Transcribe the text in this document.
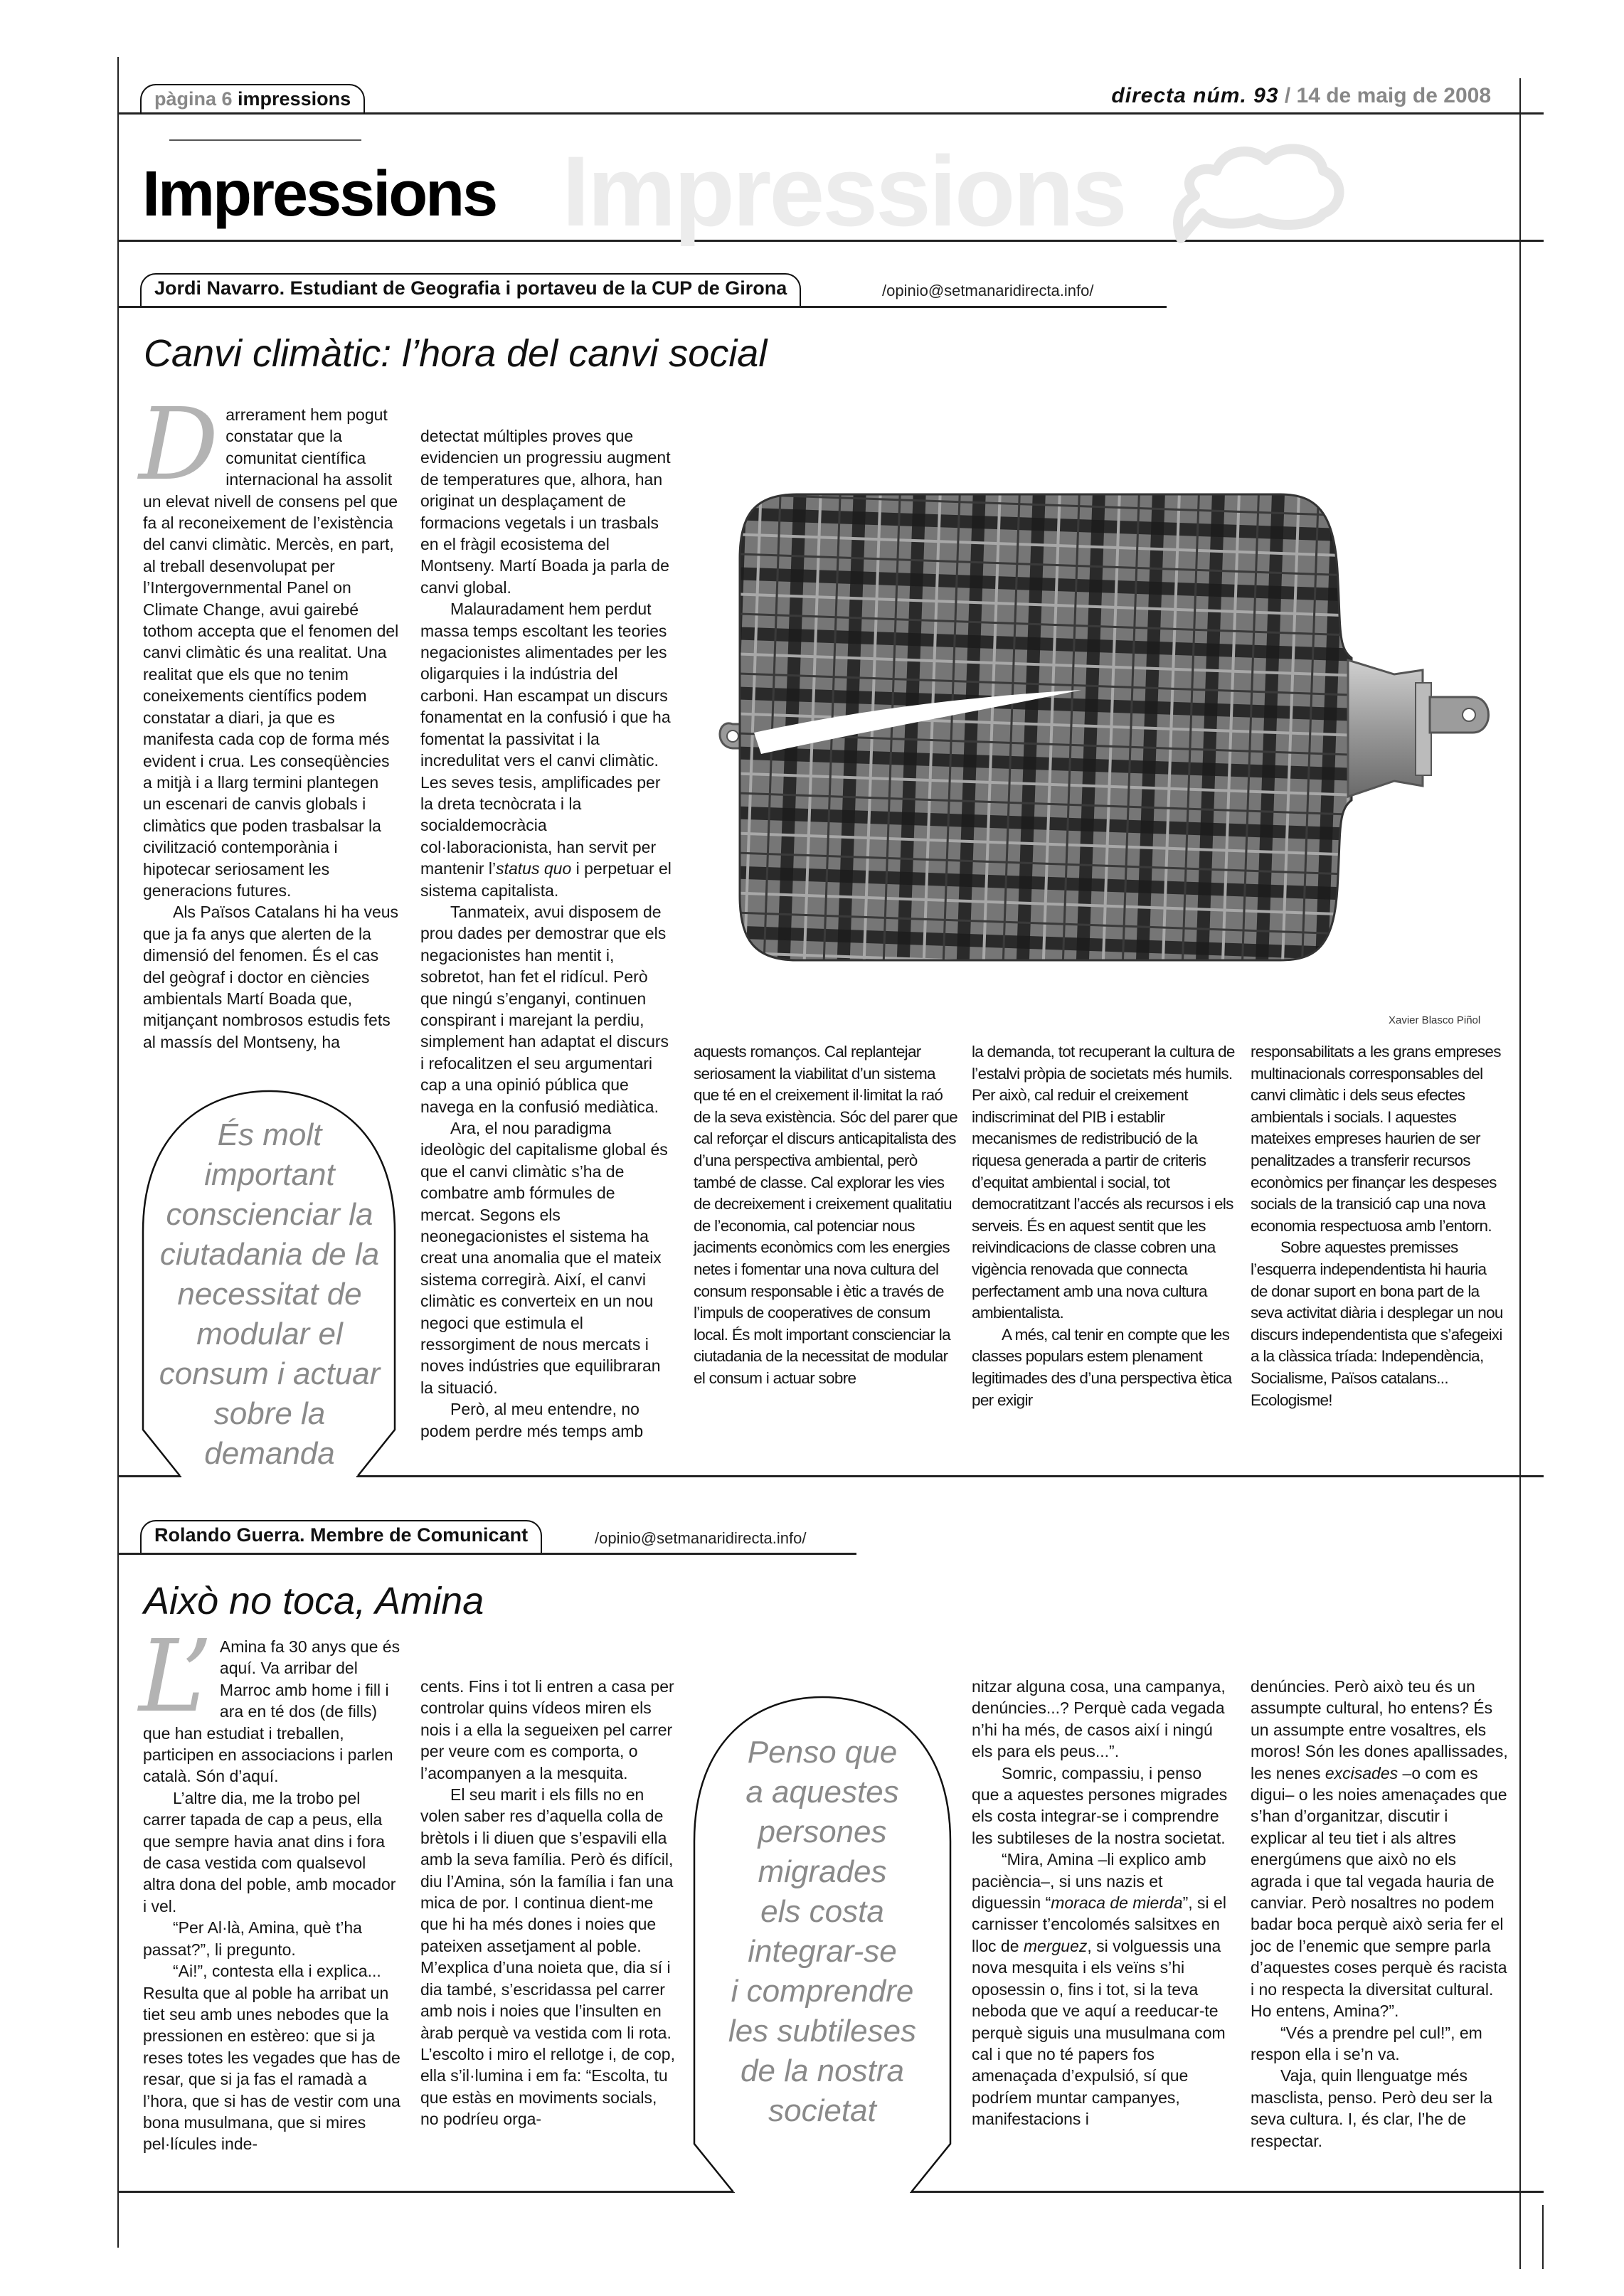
pàgina 6 impressions	directa núm. 93 / 14 de maig de 2008
Impressions
Impressions
Jordi Navarro. Estudiant de Geografia i portaveu de la CUP de Girona	/opinio@setmanaridirecta.info/
Canvi climàtic: l’hora del canvi social
D arrerament hem pogut constatar que la comunitat científica internacional ha assolit un elevat nivell de consens pel que fa al reconeixement de l’existència del canvi climàtic. Mercès, en part, al treball desenvolupat per l’Intergovernmental Panel on Climate Change, avui gairebé tothom accepta que el fenomen del canvi climàtic és una realitat. Una realitat que els que no tenim coneixements científics podem constatar a diari, ja que es manifesta cada cop de forma més evident i crua. Les conseqüències a mitjà i a llarg termini plantegen un escenari de canvis globals i climàtics que poden trasbalsar la civilització contemporània i hipotecar seriosament les generacions futures.

Als Països Catalans hi ha veus que ja fa anys que alerten de la dimensió del fenomen. És el cas del geògraf i doctor en ciències ambientals Martí Boada que, mitjançant nombrosos estudis fets al massís del Montseny, ha

detectat múltiples proves que evidencien un progressiu augment de temperatures que, alhora, han originat un desplaçament de formacions vegetals i un trasbals en el fràgil ecosistema del Montseny. Martí Boada ja parla de canvi global.

Malauradament hem perdut massa temps escoltant les teories negacionistes alimentades per les oligarquies i la indústria del carboni. Han escampat un discurs fonamentat en la confusió i que ha fomentat la passivitat i la incredulitat vers el canvi climàtic. Les seves tesis, amplificades per la dreta tecnòcrata i la socialdemocràcia col·laboracionista, han servit per mantenir l’status quo i perpetuar el sistema capitalista.

Tanmateix, avui disposem de prou dades per demostrar que els negacionistes han mentit i, sobretot, han fet el ridícul. Però que ningú s’enganyi, continuen conspirant i marejant la perdiu, simplement han adaptat el discurs i refocalitzen el seu argumentari cap a una opinió pública que navega en la confusió mediàtica.

Ara, el nou paradigma ideològic del capitalisme global és que el canvi climàtic s’ha de combatre amb fórmules de mercat. Segons els neonegacionistes el sistema ha creat una anomalia que el mateix sistema corregirà. Així, el canvi climàtic es converteix en un nou negoci que estimula el ressorgiment de nous mercats i noves indústries que equilibraran la situació.

Però, al meu entendre, no podem perdre més temps amb

Xavier Blasco Piñol

aquests romanços. Cal replantejar seriosament la viabilitat d’un sistema que té en el creixement il·limitat la raó de la seva existència. Sóc del parer que cal reforçar el discurs anticapitalista des d’una perspectiva ambiental, però també de classe. Cal explorar les vies de decreixement i creixement qualitatiu de l’economia, cal potenciar nous jaciments econòmics com les energies netes i fomentar una nova cultura del consum responsable i ètic a través de l’impuls de cooperatives de consum local. És molt important conscienciar la ciutadania de la necessitat de modular el consum i actuar sobre

la demanda, tot recuperant la cultura de l’estalvi pròpia de societats més humils. Per això, cal reduir el creixement indiscriminat del PIB i establir mecanismes de redistribució de la riquesa generada a partir de criteris d’equitat ambiental i social, tot democratitzant l’accés als recursos i els serveis. És en aquest sentit que les reivindicacions de classe cobren una vigència renovada que connecta perfectament amb una nova cultura ambientalista.

A més, cal tenir en compte que les classes populars estem plenament legitimades des d’una perspectiva ètica per exigir

responsabilitats a les grans empreses multinacionals corresponsables del canvi climàtic i dels seus efectes ambientals i socials. I aquestes mateixes empreses haurien de ser penalitzades a transferir recursos econòmics per finançar les despeses socials de la transició cap una nova economia respectuosa amb l’entorn.

Sobre aquestes premisses l’esquerra independentista hi hauria de donar suport en bona part de la seva activitat diària i desplegar un nou discurs independentista que s’afegeixi a la clàssica tríada: Independència, Socialisme, Països catalans... Ecologisme!

És molt
important
conscienciar la
ciutadania de la
necessitat de
modular el
consum i actuar
sobre la
demanda
Rolando Guerra. Membre de Comunicant	/opinio@setmanaridirecta.info/
Això no toca, Amina
L’ Amina fa 30 anys que és aquí. Va arribar del Marroc amb home i fill i ara en té dos (de fills) que han estudiat i treballen, participen en associacions i parlen català. Són d’aquí.

L’altre dia, me la trobo pel carrer tapada de cap a peus, ella que sempre havia anat dins i fora de casa vestida com qualsevol altra dona del poble, amb mocador i vel.

“Per Al·là, Amina, què t’ha passat?”, li pregunto.

“Ai!”, contesta ella i explica... Resulta que al poble ha arribat un tiet seu amb unes nebodes que la pressionen en estèreo: que si ja reses totes les vegades que has de resar, que si ja fas el ramadà a l’hora, que si has de vestir com una bona musulmana, que si mires pel·lícules inde-

cents. Fins i tot li entren a casa per controlar quins vídeos miren els nois i a ella la segueixen pel carrer per veure com es comporta, o l’acompanyen a la mesquita.

El seu marit i els fills no en volen saber res d’aquella colla de brètols i li diuen que s’espavili ella amb la seva família. Però és difícil, diu l’Amina, són la família i fan una mica de por. I continua dient-me que hi ha més dones i noies que pateixen assetjament al poble. M’explica d’una noieta que, dia sí i dia també, s’escridassa pel carrer amb nois i noies que l’insulten en àrab perquè va vestida com li rota. L’escolto i miro el rellotge i, de cop, ella s’il·lumina i em fa: “Escolta, tu que estàs en moviments socials, no podríeu orga-

Penso que
a aquestes
persones
migrades
els costa
integrar-se
i comprendre
les subtileses
de la nostra
societat

nitzar alguna cosa, una campanya, denúncies...? Perquè cada vegada n’hi ha més, de casos així i ningú els para els peus...”.

Somric, compassiu, i penso que a aquestes persones migrades els costa integrar-se i comprendre les subtileses de la nostra societat.

“Mira, Amina –li explico amb paciència–, si uns nazis et diguessin “moraca de mierda”, si el carnisser t’encolomés salsitxes en lloc de merguez, si volguessis una nova mesquita i els veïns s’hi oposessin o, fins i tot, si la teva neboda que ve aquí a reeducar-te perquè siguis una musulmana com cal i que no té papers fos amenaçada d’expulsió, sí que podríem muntar campanyes, manifestacions i

denúncies. Però això teu és un assumpte cultural, ho entens? És un assumpte entre vosaltres, els moros! Són les dones apallissades, les nenes excisades –o com es digui– o les noies amenaçades que s’han d’organitzar, discutir i explicar al teu tiet i als altres energúmens que això no els agrada i que tal vegada hauria de canviar. Però nosaltres no podem badar boca perquè això seria fer el joc de l’enemic que sempre parla d’aquestes coses perquè és racista i no respecta la diversitat cultural. Ho entens, Amina?”.

“Vés a prendre pel cul!”, em respon ella i se’n va.

Vaja, quin llenguatge més masclista, penso. Però deu ser la seva cultura. I, és clar, l’he de respectar.
